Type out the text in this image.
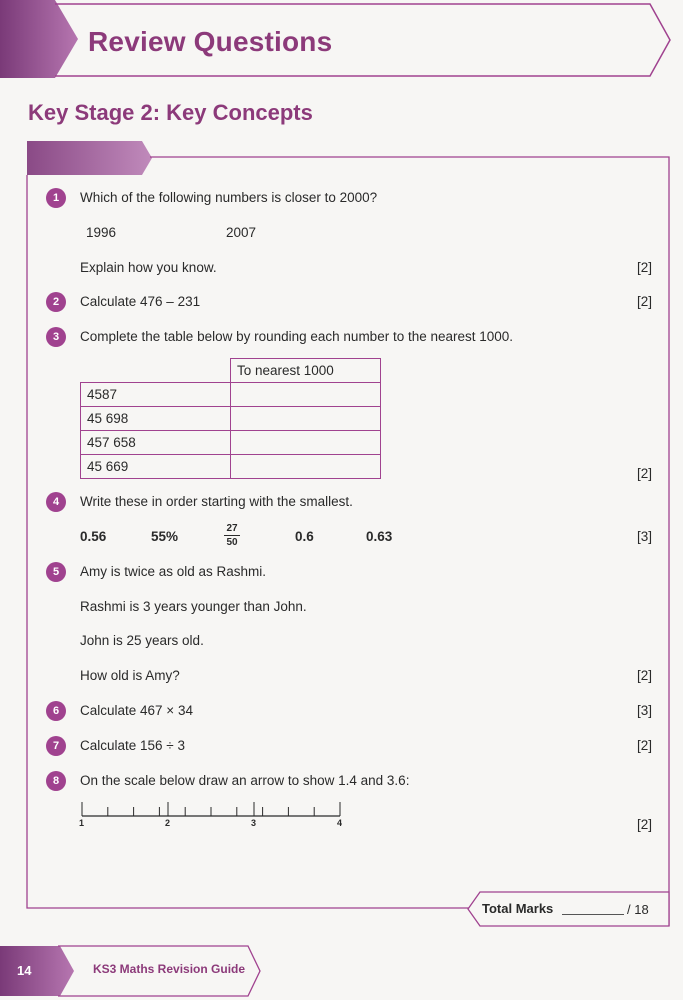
Review Questions
Key Stage 2: Key Concepts
1	Which of the following numbers is closer to 2000?
1996	2007
Explain how you know.	[2]
2	Calculate 476 – 231	[2]
3	Complete the table below by rounding each number to the nearest 1000.
	To nearest 1000
4587	
45 698	
457 658	
45 669		[2]
4	Write these in order starting with the smallest.
0.56	55%
27
50	0.6	0.63	[3]
5	Amy is twice as old as Rashmi.
Rashmi is 3 years younger than John.
John is 25 years old.
How old is Amy?	[2]
6	Calculate 467 × 34	[3]
7	Calculate 156 ÷ 3	[2]
8	On the scale below draw an arrow to show 1.4 and 3.6:
1	2	3	4	[2]
Total Marks	/ 18
14	KS3 Maths Revision Guide
